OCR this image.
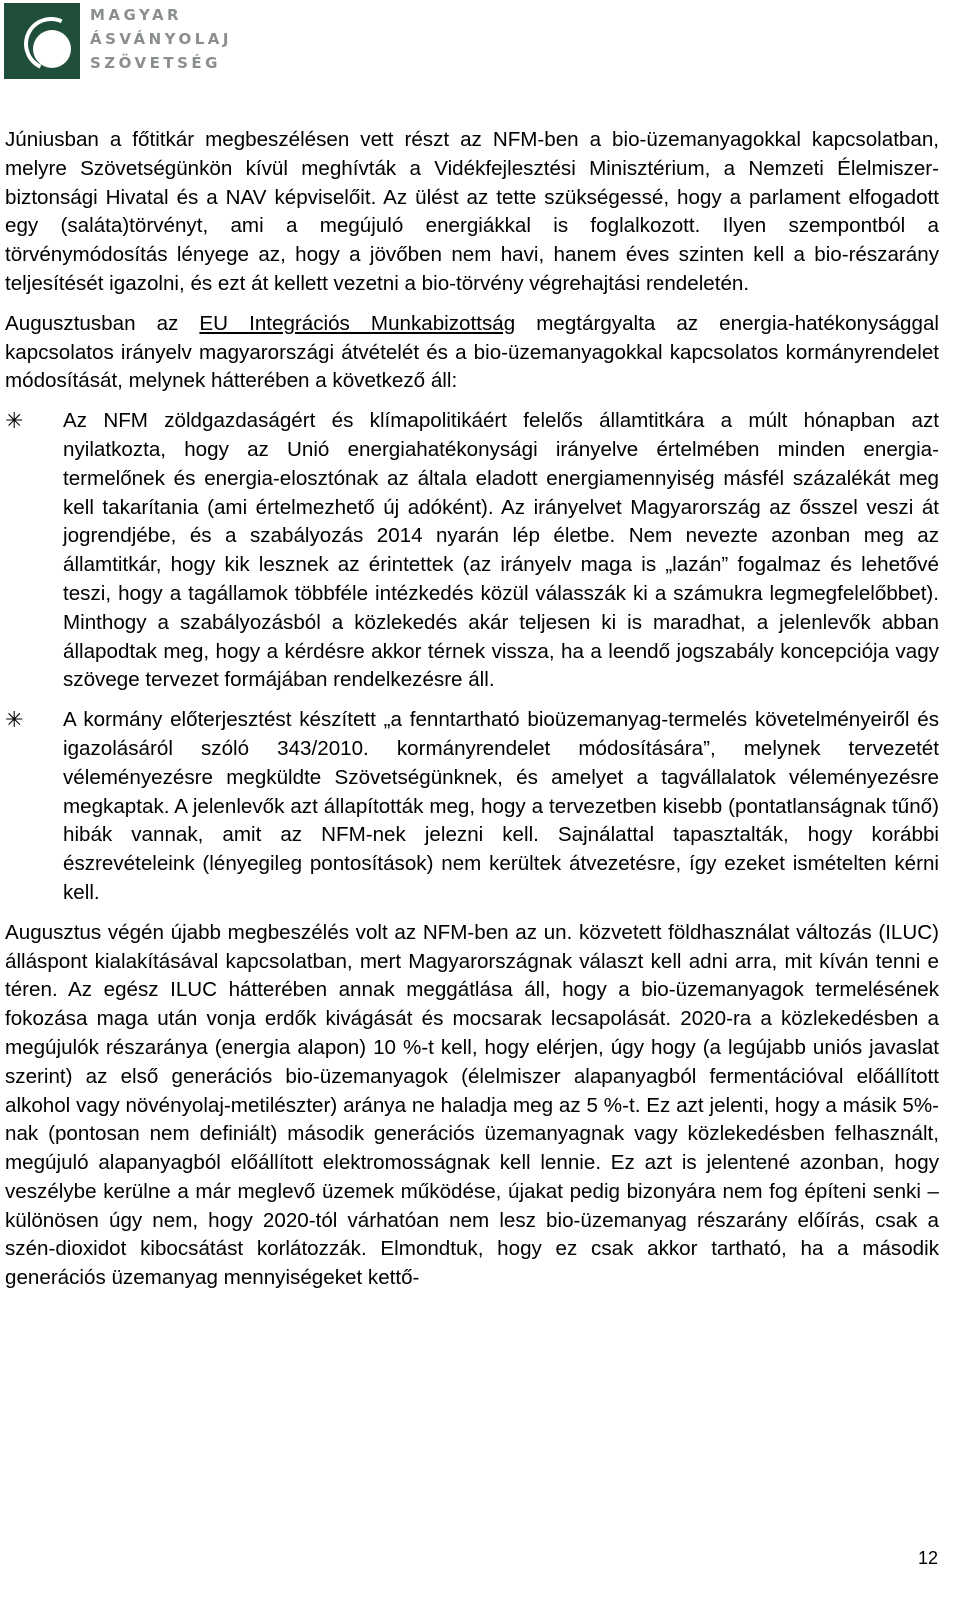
MAGYAR
ÁSVÁNYOLAJ
SZÖVETSÉG

Júniusban a főtitkár megbeszélésen vett részt az NFM-ben a bio-üzemanyagokkal kapcsolatban, melyre Szövetségünkön kívül meghívták a Vidékfejlesztési Minisztérium, a Nemzeti Élelmiszer-biztonsági Hivatal és a NAV képviselőit. Az ülést az tette szükségessé, hogy a parlament elfogadott egy (saláta)törvényt, ami a megújuló energiákkal is foglalkozott. Ilyen szempontból a törvénymódosítás lényege az, hogy a jövőben nem havi, hanem éves szinten kell a bio-részarány teljesítését igazolni, és ezt át kellett vezetni a bio-törvény végrehajtási rendeletén.

Augusztusban az EU Integrációs Munkabizottság megtárgyalta az energia-hatékonysággal kapcsolatos irányelv magyarországi átvételét és a bio-üzemanyagokkal kapcsolatos kormányrendelet módosítását, melynek hátterében a következő áll:

✳ Az NFM zöldgazdaságért és klímapolitikáért felelős államtitkára a múlt hónapban azt nyilatkozta, hogy az Unió energiahatékonysági irányelve értelmében minden energia-termelőnek és energia-elosztónak az általa eladott energiamennyiség másfél százalékát meg kell takarítania (ami értelmezhető új adóként). Az irányelvet Magyarország az ősszel veszi át jogrendjébe, és a szabályozás 2014 nyarán lép életbe. Nem nevezte azonban meg az államtitkár, hogy kik lesznek az érintettek (az irányelv maga is „lazán” fogalmaz és lehetővé teszi, hogy a tagállamok többféle intézkedés közül válasszák ki a számukra legmegfelelőbbet). Minthogy a szabályozásból a közlekedés akár teljesen ki is maradhat, a jelenlevők abban állapodtak meg, hogy a kérdésre akkor térnek vissza, ha a leendő jogszabály koncepciója vagy szövege tervezet formájában rendelkezésre áll.
✳ A kormány előterjesztést készített „a fenntartható bioüzemanyag-termelés követelményeiről és igazolásáról szóló 343/2010. kormányrendelet módosítására”, melynek tervezetét véleményezésre megküldte Szövetségünknek, és amelyet a tagvállalatok véleményezésre megkaptak. A jelenlevők azt állapították meg, hogy a tervezetben kisebb (pontatlanságnak tűnő) hibák vannak, amit az NFM-nek jelezni kell. Sajnálattal tapasztalták, hogy korábbi észrevételeink (lényegileg pontosítások) nem kerültek átvezetésre, így ezeket ismételten kérni kell.

Augusztus végén újabb megbeszélés volt az NFM-ben az un. közvetett földhasználat változás (ILUC) álláspont kialakításával kapcsolatban, mert Magyarországnak választ kell adni arra, mit kíván tenni e téren. Az egész ILUC hátterében annak meggátlása áll, hogy a bio-üzemanyagok termelésének fokozása maga után vonja erdők kivágását és mocsarak lecsapolását. 2020-ra a közlekedésben a megújulók részaránya (energia alapon) 10 %-t kell, hogy elérjen, úgy hogy (a legújabb uniós javaslat szerint) az első generációs bio-üzemanyagok (élelmiszer alapanyagból fermentációval előállított alkohol vagy növényolaj-metilészter) aránya ne haladja meg az 5 %-t. Ez azt jelenti, hogy a másik 5%-nak (pontosan nem definiált) második generációs üzemanyagnak vagy közlekedésben felhasznált, megújuló alapanyagból előállított elektromosságnak kell lennie. Ez azt is jelentené azonban, hogy veszélybe kerülne a már meglevő üzemek működése, újakat pedig bizonyára nem fog építeni senki – különösen úgy nem, hogy 2020-tól várhatóan nem lesz bio-üzemanyag részarány előírás, csak a szén-dioxidot kibocsátást korlátozzák. Elmondtuk, hogy ez csak akkor tartható, ha a második generációs üzemanyag mennyiségeket kettő-

12
